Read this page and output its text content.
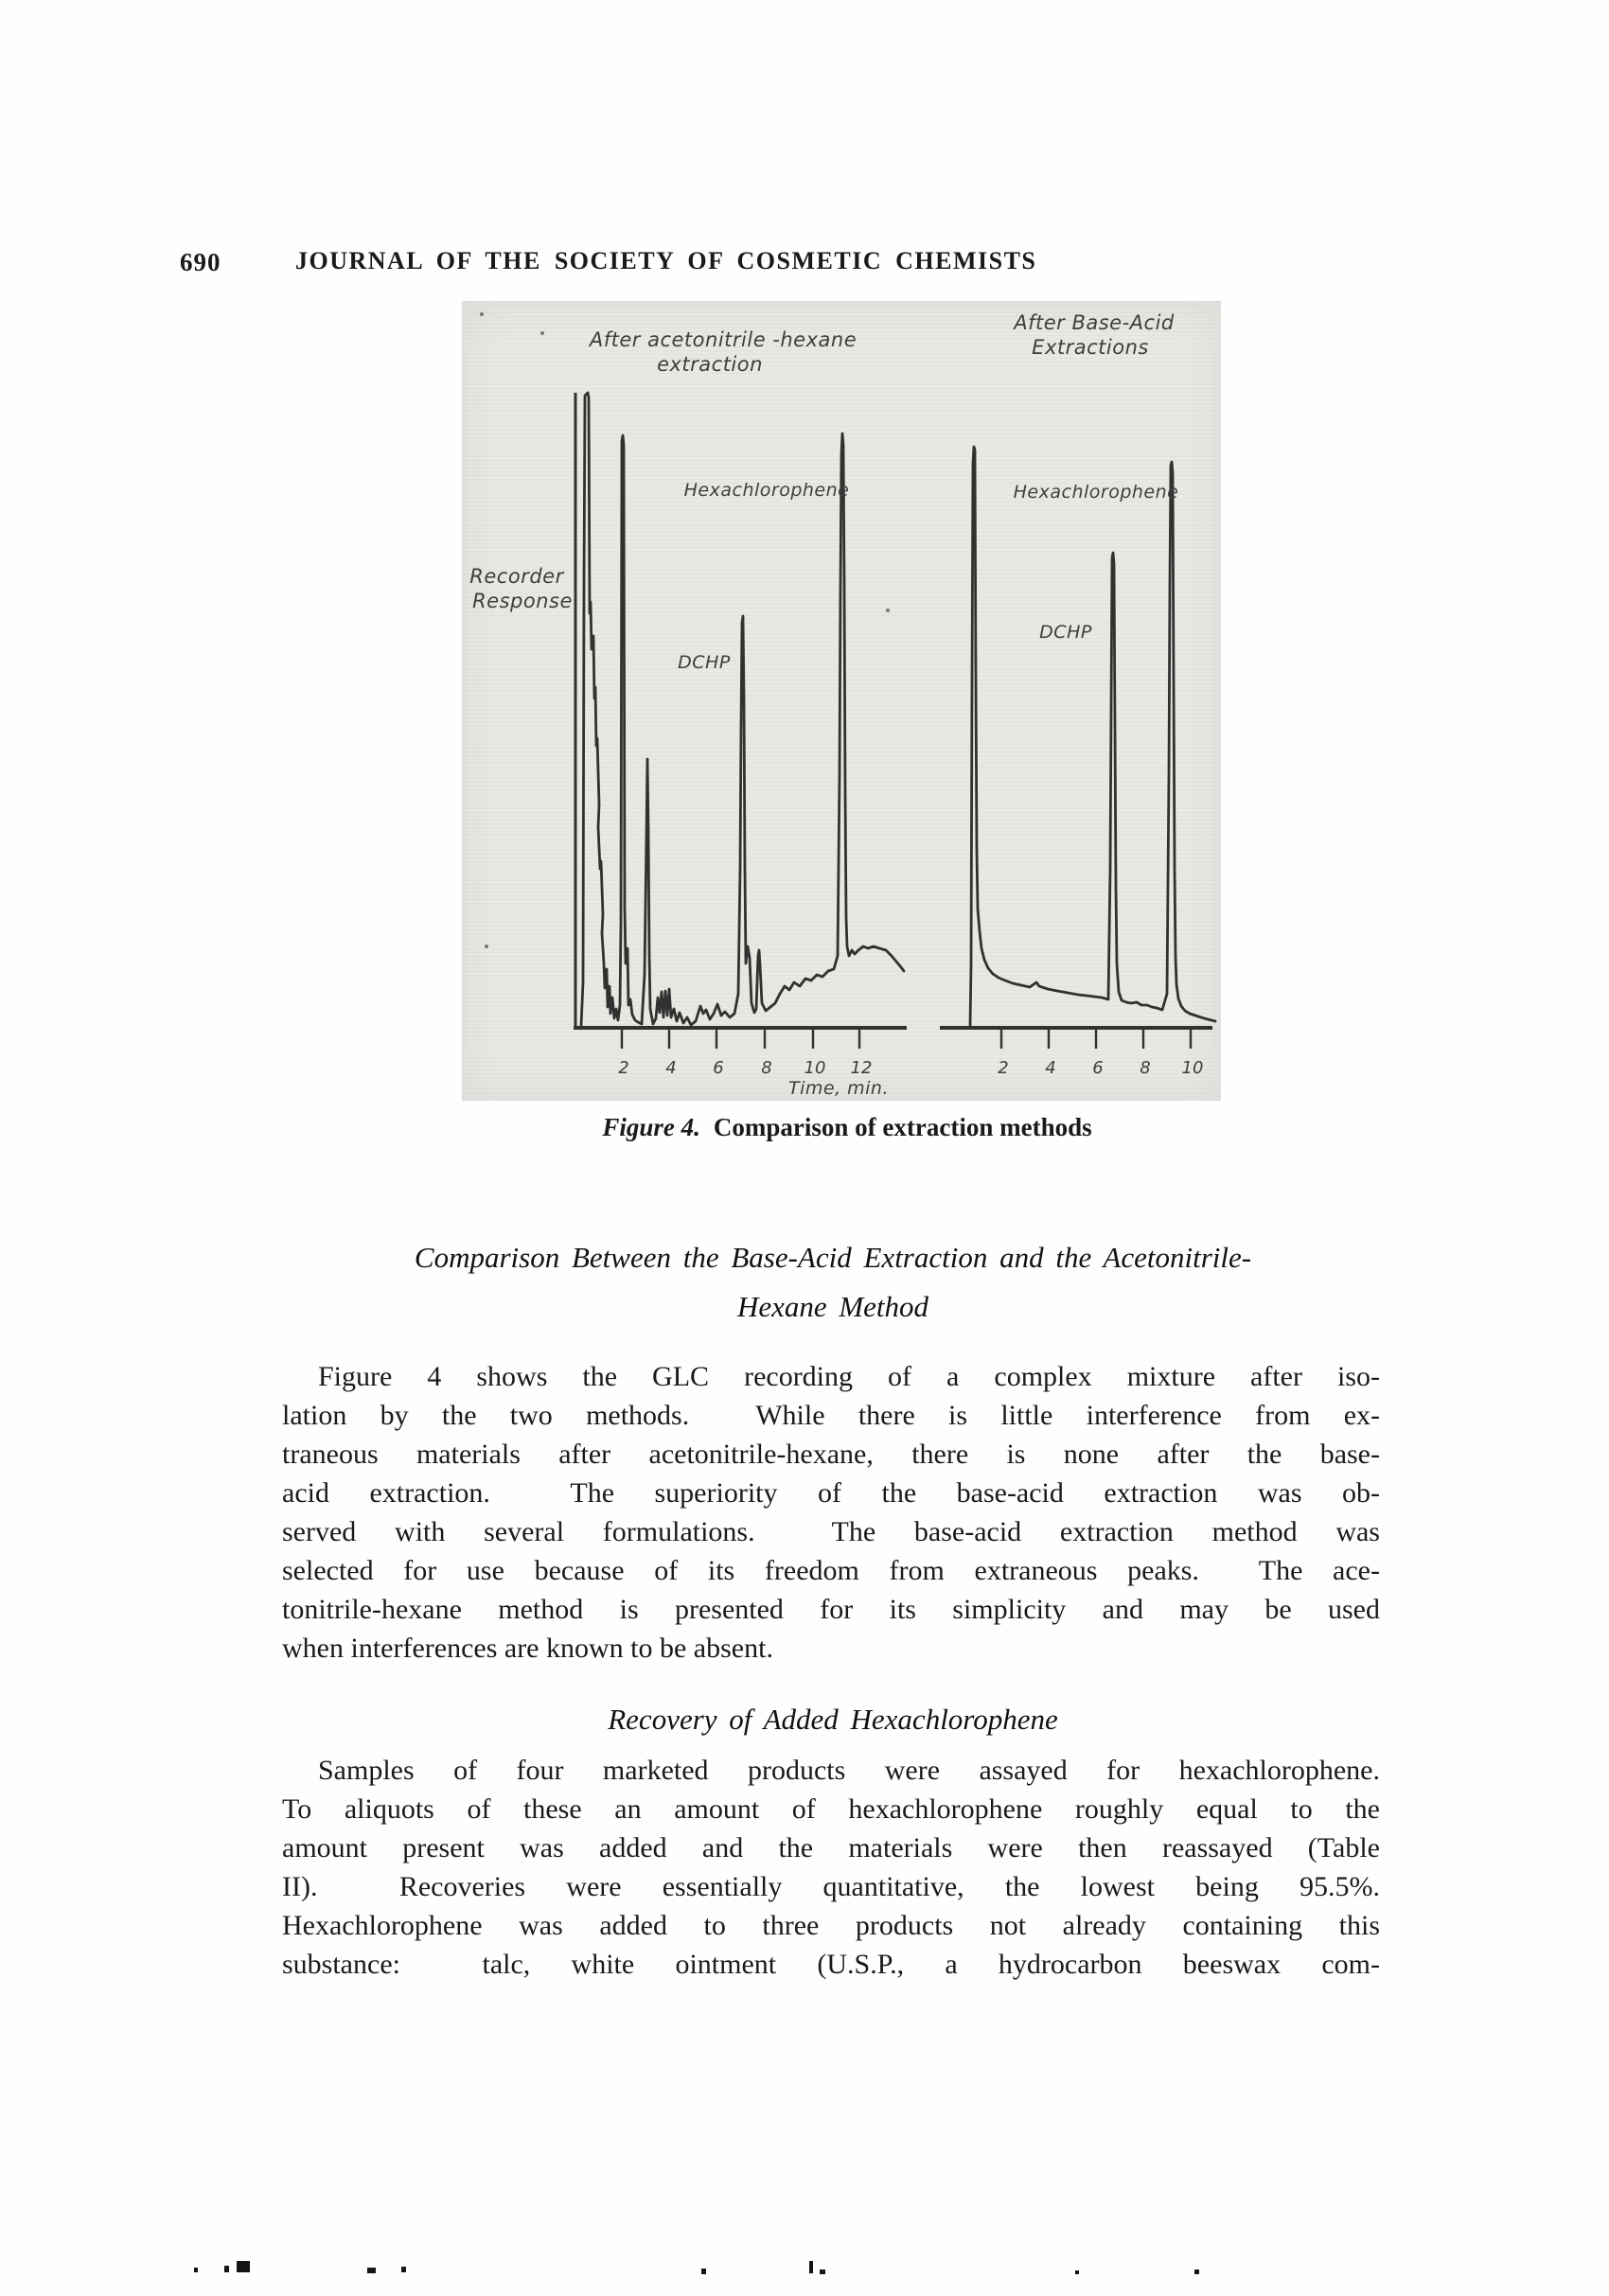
690	JOURNAL OF THE SOCIETY OF COSMETIC CHEMISTS
2 4 6 8 10 12	2 4 6 8 10
After acetonitrile -hexane
extraction
After Base-Acid
Extractions
Recorder
Response
Hexachlorophene
DCHP
Hexachlorophene
DCHP
Time, min.
Figure 4. Comparison of extraction methods
Comparison Between the Base-Acid Extraction and the Acetonitrile-
Hexane Method
Figure 4 shows the GLC recording of a complex mixture after iso-
lation by the two methods.  While there is little interference from ex-
traneous materials after acetonitrile-hexane, there is none after the base-
acid extraction.  The superiority of the base-acid extraction was ob-
served with several formulations.  The base-acid extraction method was
selected for use because of its freedom from extraneous peaks.  The ace-
tonitrile-hexane method is presented for its simplicity and may be used
when interferences are known to be absent.
Recovery of Added Hexachlorophene
Samples of four marketed products were assayed for hexachlorophene.
To aliquots of these an amount of hexachlorophene roughly equal to the
amount present was added and the materials were then reassayed (Table
II).  Recoveries were essentially quantitative, the lowest being 95.5%.
Hexachlorophene was added to three products not already containing this
substance:  talc, white ointment (U.S.P., a hydrocarbon beeswax com-
